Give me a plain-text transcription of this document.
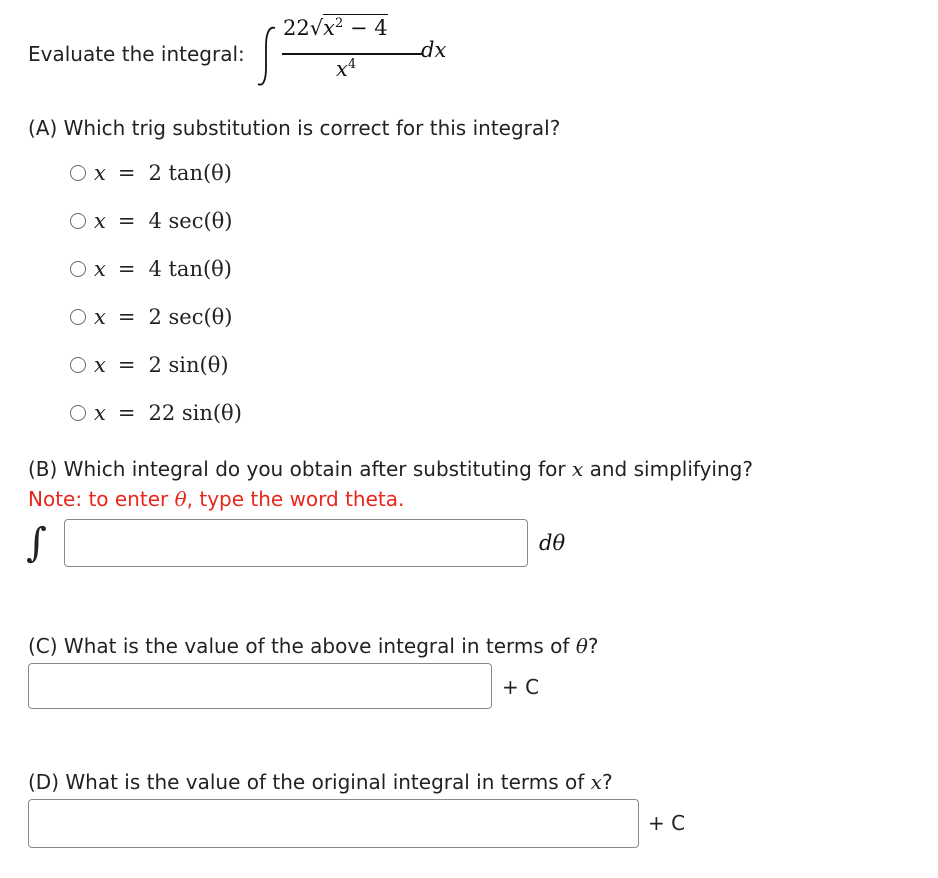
Evaluate the integral:
$22√x^2 - 4$
$x^4$
dx
(A) Which trig substitution is correct for this integral?
x = 2 tan(θ)
x = 4 sec(θ)
x = 4 tan(θ)
x = 2 sec(θ)
x = 2 sin(θ)
x = 22 sin(θ)
(B) Which integral do you obtain after substituting for x and simplifying?
Note: to enter θ, type the word theta.
∫	dθ
(C) What is the value of the above integral in terms of θ?
+ C
(D) What is the value of the original integral in terms of x?
+ C
